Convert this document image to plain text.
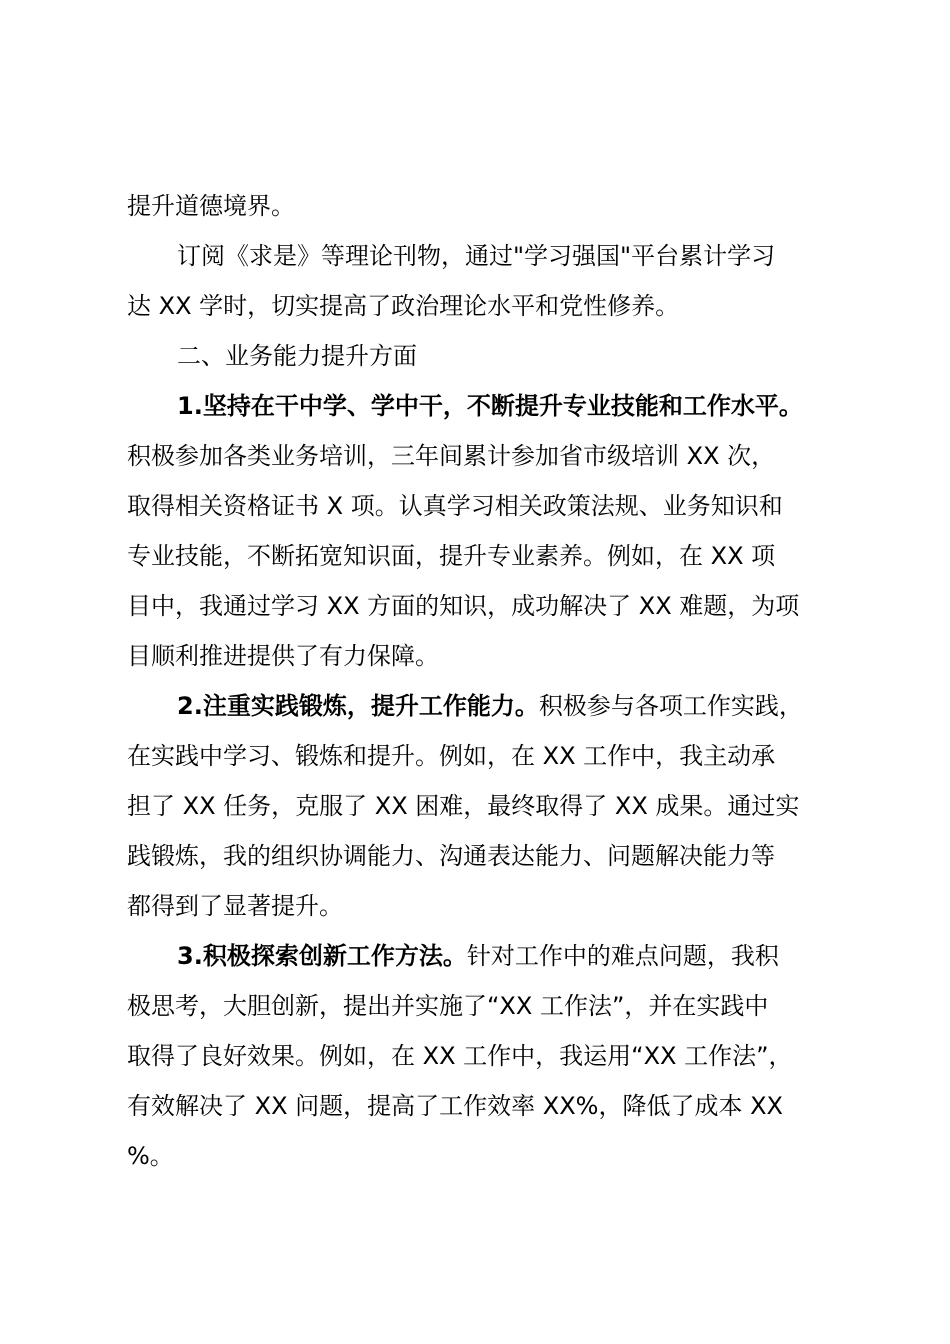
提升道德境界。
订阅《求是》等理论刊物，通过"学习强国"平台累计学习
达 XX 学时，切实提高了政治理论水平和党性修养。
二、业务能力提升方面
1.坚持在干中学、学中干，不断提升专业技能和工作水平。
积极参加各类业务培训，三年间累计参加省市级培训 XX 次，
取得相关资格证书 X 项。认真学习相关政策法规、业务知识和
专业技能，不断拓宽知识面，提升专业素养。例如，在 XX 项
目中，我通过学习 XX 方面的知识，成功解决了 XX 难题，为项
目顺利推进提供了有力保障。
2.注重实践锻炼，提升工作能力。积极参与各项工作实践，
在实践中学习、锻炼和提升。例如，在 XX 工作中，我主动承
担了 XX 任务，克服了 XX 困难，最终取得了 XX 成果。通过实
践锻炼，我的组织协调能力、沟通表达能力、问题解决能力等
都得到了显著提升。
3.积极探索创新工作方法。针对工作中的难点问题，我积
极思考，大胆创新，提出并实施了“XX 工作法”，并在实践中
取得了良好效果。例如，在 XX 工作中，我运用“XX 工作法”，
有效解决了 XX 问题，提高了工作效率 XX%，降低了成本 XX
%。
